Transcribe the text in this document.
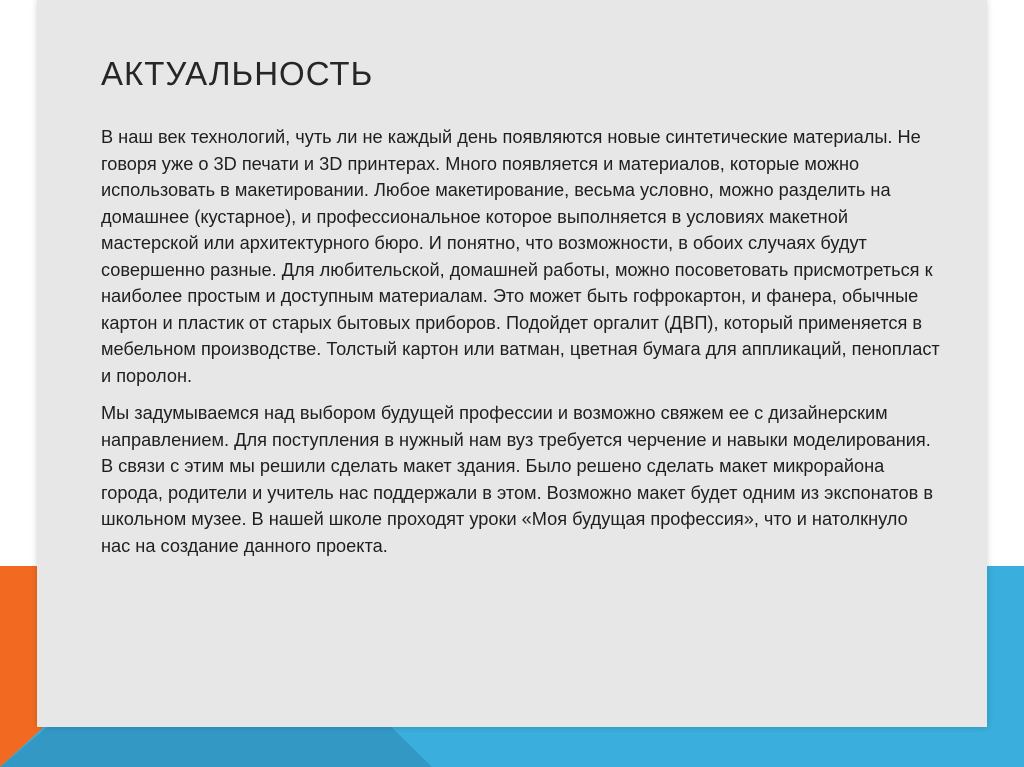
АКТУАЛЬНОСТЬ

В наш век технологий, чуть ли не каждый день появляются новые синтетические материалы. Не говоря уже о 3D печати и 3D принтерах. Много появляется и материалов, которые можно использовать в макетировании. Любое макетирование, весьма условно, можно разделить на домашнее (кустарное), и профессиональное которое выполняется в условиях макетной мастерской или архитектурного бюро. И понятно, что возможности, в обоих случаях будут совершенно разные. Для любительской, домашней работы, можно посоветовать присмотреться к наиболее простым и доступным материалам. Это может быть гофрокартон, и фанера, обычные картон и пластик от старых бытовых приборов. Подойдет оргалит (ДВП), который применяется в мебельном производстве. Толстый картон или ватман, цветная бумага для аппликаций, пенопласт и поролон.

Мы задумываемся над выбором будущей профессии и возможно свяжем ее с дизайнерским направлением. Для поступления в нужный нам вуз требуется черчение и навыки моделирования. В связи с этим мы решили сделать макет здания. Было решено сделать макет микрорайона города, родители и учитель нас поддержали в этом. Возможно макет будет одним из экспонатов в школьном музее. В нашей школе проходят уроки «Моя будущая профессия», что и натолкнуло нас на создание данного проекта.
